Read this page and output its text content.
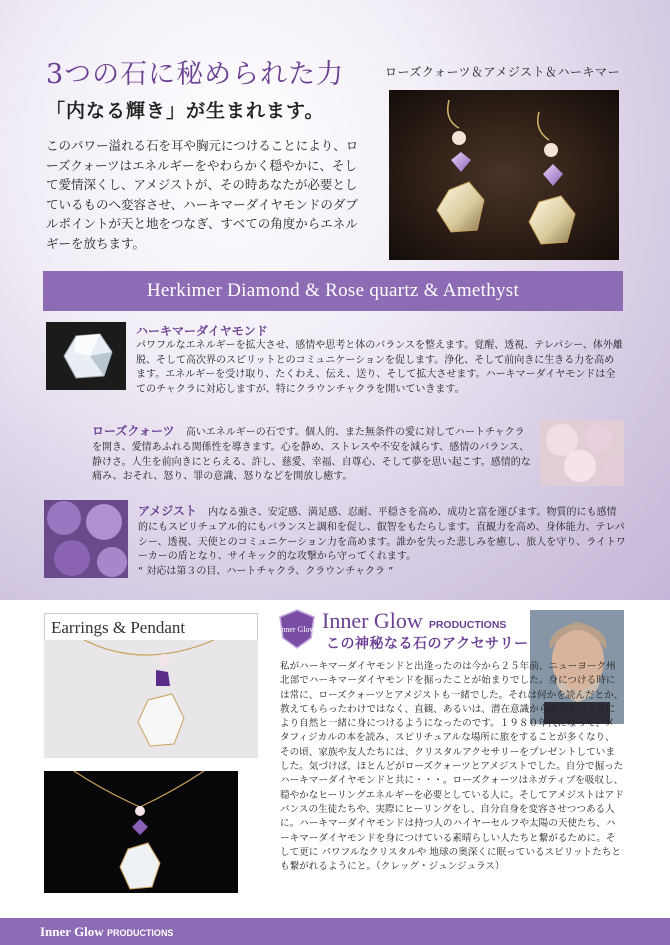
3つの石に秘められた力
「内なる輝き」が生まれます。
このパワー溢れる石を耳や胸元につけることにより、ローズクォーツはエネルギーをやわらかく穏やかに、そして愛情深くし、アメジストが、その時あなたが必要としているものへ変容させ、ハーキマーダイヤモンドのダブルポイントが天と地をつなぎ、すべての角度からエネルギーを放ちます。
ローズクォーツ＆アメジスト＆ハーキマー
Herkimer Diamond & Rose quartz & Amethyst
ハーキマーダイヤモンド
パワフルなエネルギーを拡大させ、感情や思考と体のバランスを整えます。覚醒、透視、テレパシー、体外離脱、そして高次界のスピリットとのコミュニケーションを促します。浄化、そして前向きに生きる力を高めます。エネルギーを受け取り、たくわえ、伝え、送り、そして拡大させます。ハーキマーダイヤモンドは全てのチャクラに対応しますが、特にクラウンチャクラを開いていきます。
ローズクォーツ 高いエネルギーの石です。個人的、また無条件の愛に対してハートチャクラを開き、愛情あふれる関係性を導きます。心を静め、ストレスや不安を減らす、感情のバランス、静けさ。人生を前向きにとらえる、許し、慈愛、幸福、自尊心、そして夢を思い起こす。感情的な痛み、おそれ、怒り、罪の意識、怒りなどを開放し癒す。
アメジスト 内なる強さ、安定感、満足感、忍耐、平穏さを高め、成功と富を運びます。物質的にも感情的にもスピリチュアル的にもバランスと調和を促し、叡智をもたらします。直観力を高め、身体能力、テレパシー、透視、天使とのコミュニケーション力を高めます。誰かを失った悲しみを癒し、旅人を守り、ライトワーカーの盾となり、サイキック的な攻撃から守ってくれます。
“ 対応は第３の目、ハートチャクラ、クラウンチャクラ ”
Earrings & Pendant	Inner Glow Inner Glow PRODUCTIONS
この神秘なる石のアクセサリー
私がハーキマーダイヤモンドと出逢ったのは今から２５年前、ニューヨーク州北部でハーキマーダイヤモンドを掘ったことが始まりでした。身につける時には常に、ローズクォーツとアメジストも一緒でした。それは何かを読んだとか、教えてもらったわけではなく、直観、あるいは、潜在意識からのアドバイスにより自然と一緒に身につけるようになったのです。１９８０年代になって、メタフィジカルの本を読み、スピリチュアルな場所に旅をすることが多くなり、その頃、家族や友人たちには、クリスタルアクセサリーをプレゼントしていました。気づけば、ほとんどがローズクォーツとアメジストでした。自分で掘ったハーキマーダイヤモンドと共に・・・。ローズクォーツはネガティブを吸収し、穏やかなヒーリングエネルギーを必要としている人に。そしてアメジストはアドバンスの生徒たちや、実際にヒーリングをし、自分自身を変容させつつある人に。ハーキマーダイヤモンドは持つ人のハイヤーセルフや太陽の天使たち、ハーキマーダイヤモンドを身につけている素晴らしい人たちと繋がるために。そして更に パワフルなクリスタルや 地球の奥深くに眠っているスピリットたちとも繋がれるようにと。（クレッグ・ジュンジュラス）
Inner Glow PRODUCTIONS
